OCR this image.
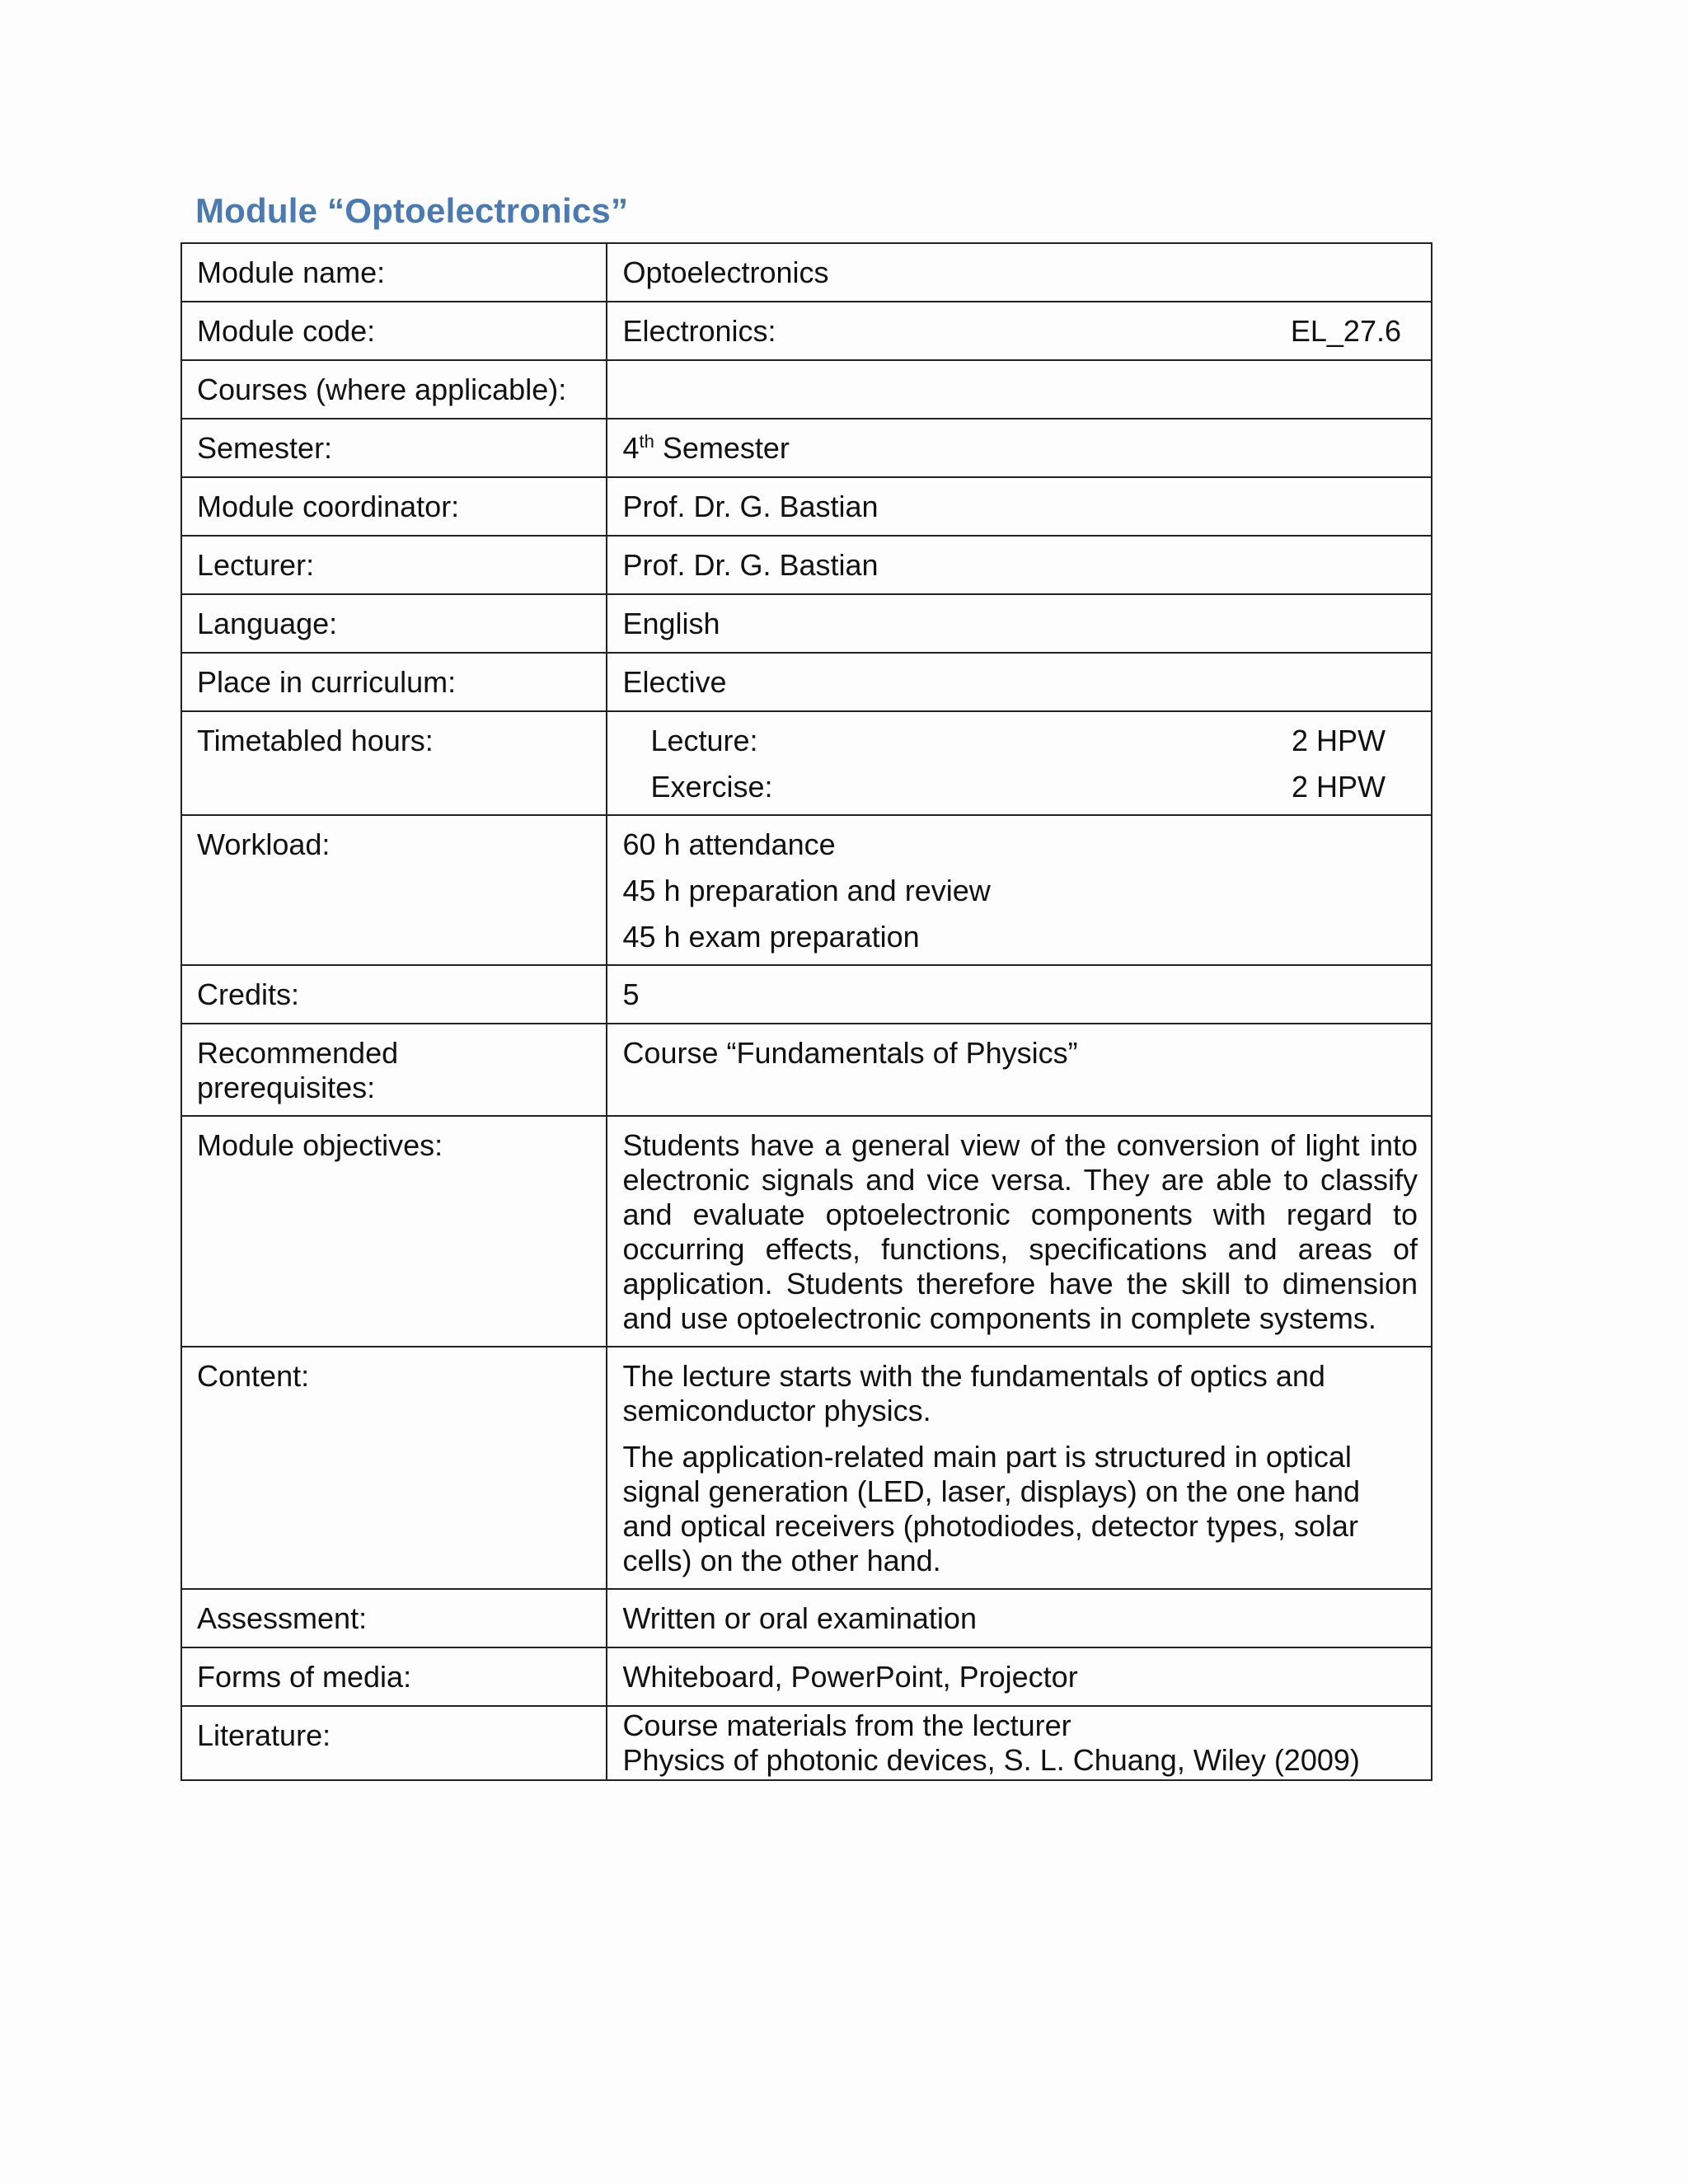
Module “Optoelectronics”
Module name:	Optoelectronics
Module code:	Electronics: EL_27.6

Courses (where applicable):	
Semester:	4th Semester
Module coordinator:	Prof. Dr. G. Bastian
Lecturer:	Prof. Dr. G. Bastian
Language:	English
Place in curriculum:	Elective
Timetabled hours:	Lecture: 2 HPW
Exercise: 2 HPW

Workload:	60 h attendance
45 h preparation and review
45 h exam preparation

Credits:	5

Recommended
prerequisites:	Course “Fundamentals of Physics”
Module objectives:	Students have a general view of the conversion of light into electronic signals and vice versa. They are able to classify and evaluate optoelectronic components with regard to occurring effects, functions, specifications and areas of application. Students therefore have the skill to dimension and use optoelectronic components in complete systems.
Content:	The lecture starts with the fundamentals of optics and semiconductor physics.
The application-related main part is structured in optical signal generation (LED, laser, displays) on the one hand and optical receivers (photodiodes, detector types, solar cells) on the other hand.

Assessment:	Written or oral examination
Forms of media:	Whiteboard, PowerPoint, Projector
Literature:	Course materials from the lecturer
Physics of photonic devices, S. L. Chuang, Wiley (2009)
